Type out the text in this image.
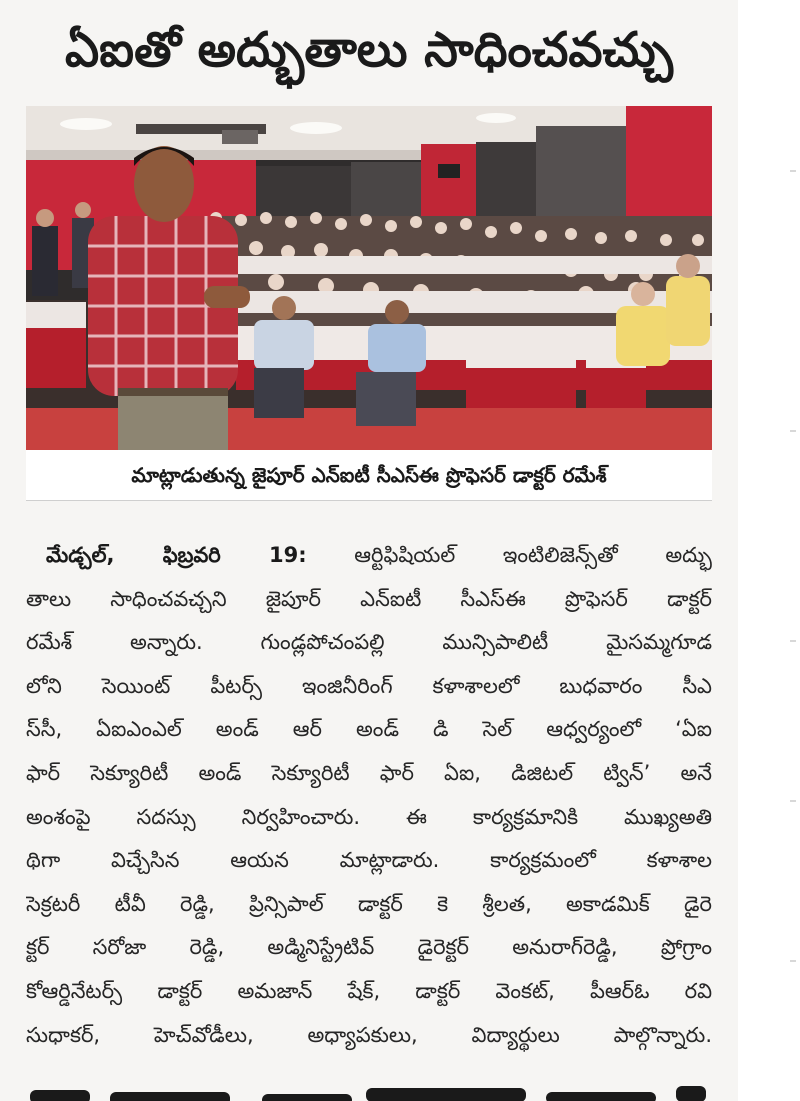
ఏఐతో అద్భుతాలు సాధించవచ్చు
మాట్లాడుతున్న జైపూర్ ఎన్ఐటీ సీఎస్ఈ ప్రొఫెసర్ డాక్టర్ రమేశ్
మేడ్చల్, ఫిబ్రవరి 19: ఆర్టిఫిషియల్ ఇంటిలిజెన్స్‌తో అద్భు
తాలు సాధించవచ్చని జైపూర్ ఎన్ఐటీ సీఎస్ఈ ప్రొఫెసర్ డాక్టర్
రమేశ్ అన్నారు. గుండ్లపోచంపల్లి మున్సిపాలిటీ మైసమ్మగూడ
లోని సెయింట్ పీటర్స్ ఇంజినీరింగ్ కళాశాలలో బుధవారం సీఎ
స్‌సీ, ఏఐఎంఎల్ అండ్ ఆర్ అండ్ డి సెల్ ఆధ్వర్యంలో ‘ఏఐ
ఫార్ సెక్యూరిటీ అండ్ సెక్యూరిటీ ఫార్ ఏఐ, డిజిటల్ ట్విన్’ అనే
అంశంపై సదస్సు నిర్వహించారు. ఈ కార్యక్రమానికి ముఖ్యఅతి
థిగా విచ్చేసిన ఆయన మాట్లాడారు. కార్యక్రమంలో కళాశాల
సెక్రటరీ టీవీ రెడ్డి, ప్రిన్సిపాల్ డాక్టర్ కె శ్రీలత, అకాడమిక్ డైరె
క్టర్ సరోజా రెడ్డి, అడ్మినిస్ట్రేటివ్ డైరెక్టర్ అనురాగ్‌రెడ్డి, ప్రోగ్రాం
కోఆర్డినేటర్స్ డాక్టర్ అమజాన్ షేక్, డాక్టర్ వెంకట్, పీఆర్ఓ రవి
సుధాకర్, హెచ్‌వోడీలు, అధ్యాపకులు, విద్యార్థులు పాల్గొన్నారు.
